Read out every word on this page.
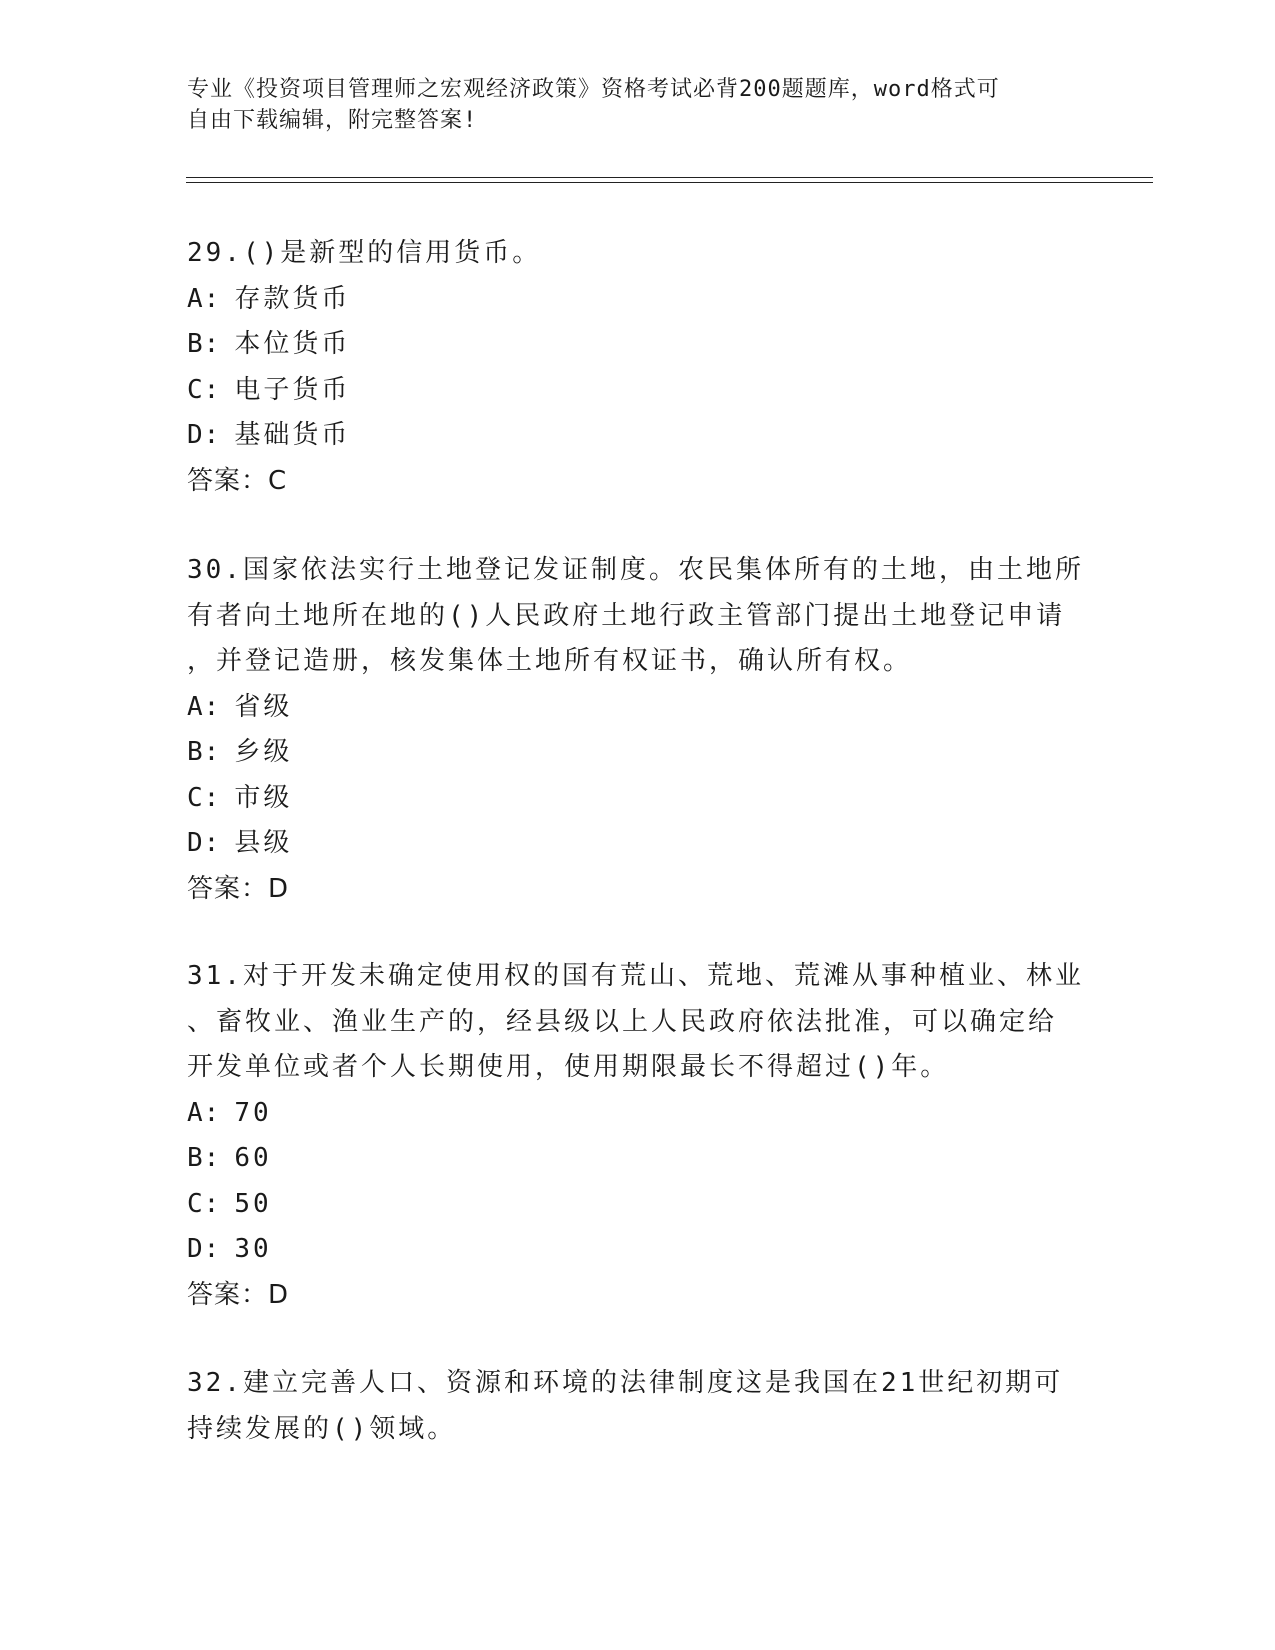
专业《投资项目管理师之宏观经济政策》资格考试必背200题题库，word格式可
自由下载编辑，附完整答案!
29.()是新型的信用货币。
A: 存款货币
B: 本位货币
C: 电子货币
D: 基础货币
答案：C
30.国家依法实行土地登记发证制度。农民集体所有的土地，由土地所
有者向土地所在地的()人民政府土地行政主管部门提出土地登记申请
，并登记造册，核发集体土地所有权证书，确认所有权。
A: 省级
B: 乡级
C: 市级
D: 县级
答案：D
31.对于开发未确定使用权的国有荒山、荒地、荒滩从事种植业、林业
、畜牧业、渔业生产的，经县级以上人民政府依法批准，可以确定给
开发单位或者个人长期使用，使用期限最长不得超过()年。
A: 70
B: 60
C: 50
D: 30
答案：D
32.建立完善人口、资源和环境的法律制度这是我国在21世纪初期可
持续发展的()领域。
